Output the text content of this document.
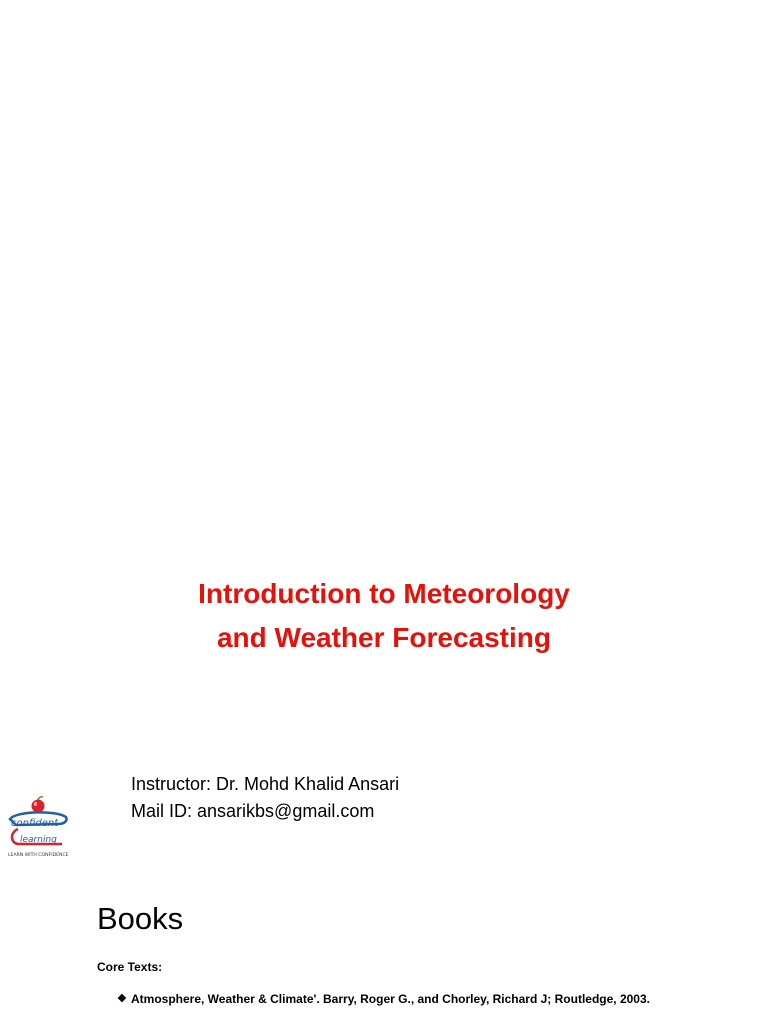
Introduction to Meteorology
and Weather Forecasting
Instructor: Dr. Mohd Khalid Ansari
Mail ID: ansarikbs@gmail.com
confident
learning
LEARN WITH CONFIDENCE
Books
Core Texts:
❖ Atmosphere, Weather & Climate'. Barry, Roger G., and Chorley, Richard J; Routledge, 2003.
